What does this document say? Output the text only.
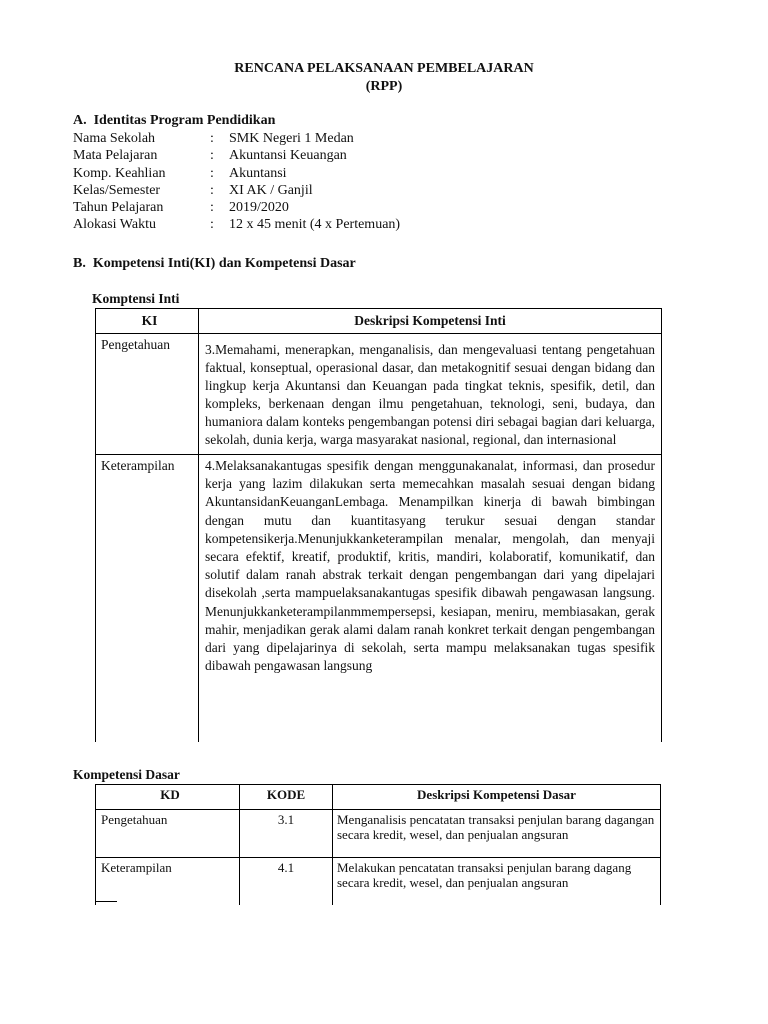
RENCANA PELAKSANAAN PEMBELAJARAN
(RPP)
A.  Identitas Program Pendidikan
Nama Sekolah	: SMK Negeri 1 Medan
Mata Pelajaran	: Akuntansi Keuangan
Komp. Keahlian	: Akuntansi
Kelas/Semester	: XI AK / Ganjil
Tahun Pelajaran	: 2019/2020
Alokasi Waktu	: 12 x 45 menit (4 x Pertemuan)
B.  Kompetensi Inti(KI) dan Kompetensi Dasar
Komptensi Inti
KI	Deskripsi Kompetensi Inti
Pengetahuan	3.Memahami, menerapkan, menganalisis, dan mengevaluasi tentang pengetahuan faktual, konseptual, operasional dasar, dan metakognitif sesuai dengan bidang dan lingkup kerja Akuntansi dan Keuangan pada tingkat teknis, spesifik, detil, dan kompleks, berkenaan dengan ilmu pengetahuan, teknologi, seni, budaya, dan humaniora dalam konteks pengembangan potensi diri sebagai bagian dari keluarga, sekolah, dunia kerja, warga masyarakat nasional, regional, dan internasional
Keterampilan	4.Melaksanakantugas spesifik dengan menggunakanalat, informasi, dan prosedur kerja yang lazim dilakukan serta memecahkan masalah sesuai dengan bidang AkuntansidanKeuanganLembaga. Menampilkan kinerja di bawah bimbingan dengan mutu dan kuantitasyang terukur sesuai dengan standar kompetensikerja.Menunjukkanketerampilan menalar, mengolah, dan menyaji secara efektif, kreatif, produktif, kritis, mandiri, kolaboratif, komunikatif, dan solutif dalam ranah abstrak terkait dengan pengembangan dari yang dipelajari disekolah ,serta mampuelaksanakantugas spesifik dibawah pengawasan langsung. Menunjukkanketerampilanmmempersepsi, kesiapan, meniru, membiasakan, gerak mahir, menjadikan gerak alami dalam ranah konkret terkait dengan pengembangan dari yang dipelajarinya di sekolah, serta mampu melaksanakan tugas spesifik dibawah pengawasan langsung
Kompetensi Dasar
KD	KODE	Deskripsi Kompetensi Dasar
Pengetahuan	3.1	Menganalisis pencatatan transaksi penjulan barang dagangan secara kredit, wesel, dan penjualan angsuran
Keterampilan	4.1	Melakukan pencatatan transaksi penjulan barang dagang secara kredit, wesel, dan penjualan angsuran
